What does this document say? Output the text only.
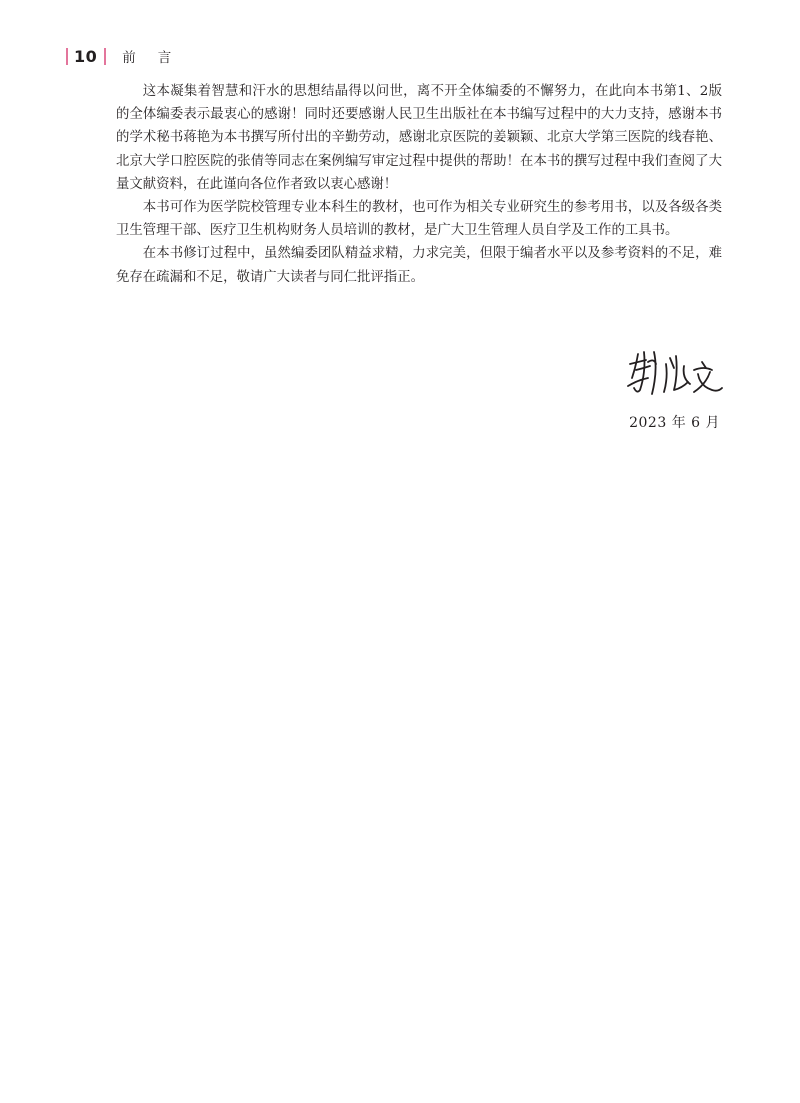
10 前言

这本凝集着智慧和汗水的思想结晶得以问世，离不开全体编委的不懈努力，在此向本书第1、2版的全体编委表示最衷心的感谢！同时还要感谢人民卫生出版社在本书编写过程中的大力支持，感谢本书的学术秘书蒋艳为本书撰写所付出的辛勤劳动，感谢北京医院的姜颖颖、北京大学第三医院的线春艳、北京大学口腔医院的张倩等同志在案例编写审定过程中提供的帮助！在本书的撰写过程中我们查阅了大量文献资料，在此谨向各位作者致以衷心感谢！

本书可作为医学院校管理专业本科生的教材，也可作为相关专业研究生的参考用书，以及各级各类卫生管理干部、医疗卫生机构财务人员培训的教材，是广大卫生管理人员自学及工作的工具书。

在本书修订过程中，虽然编委团队精益求精，力求完美，但限于编者水平以及参考资料的不足，难免存在疏漏和不足，敬请广大读者与同仁批评指正。

2023 年 6 月
